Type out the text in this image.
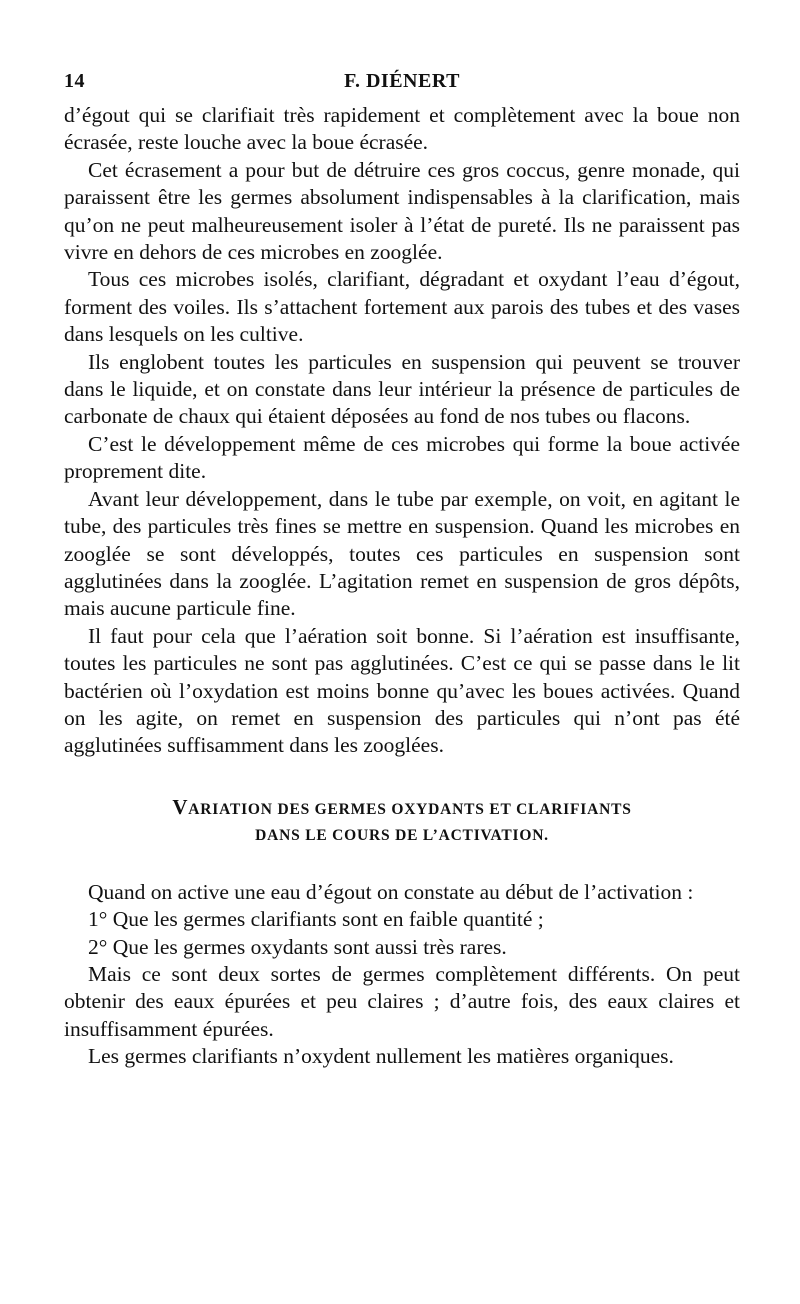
14	F. DIÉNERT

d’égout qui se clarifiait très rapidement et complètement avec la boue non écrasée, reste louche avec la boue écrasée.

Cet écrasement a pour but de détruire ces gros coccus, genre monade, qui paraissent être les germes absolument indispensables à la clarification, mais qu’on ne peut malheureusement isoler à l’état de pureté. Ils ne paraissent pas vivre en dehors de ces microbes en zooglée.

Tous ces microbes isolés, clarifiant, dégradant et oxydant l’eau d’égout, forment des voiles. Ils s’attachent fortement aux parois des tubes et des vases dans lesquels on les cultive.

Ils englobent toutes les particules en suspension qui peuvent se trouver dans le liquide, et on constate dans leur intérieur la présence de particules de carbonate de chaux qui étaient déposées au fond de nos tubes ou flacons.

C’est le développement même de ces microbes qui forme la boue activée proprement dite.

Avant leur développement, dans le tube par exemple, on voit, en agitant le tube, des particules très fines se mettre en suspension. Quand les microbes en zooglée se sont développés, toutes ces particules en suspension sont agglutinées dans la zooglée. L’agitation remet en suspension de gros dépôts, mais aucune particule fine.

Il faut pour cela que l’aération soit bonne. Si l’aération est insuffisante, toutes les particules ne sont pas agglutinées. C’est ce qui se passe dans le lit bactérien où l’oxydation est moins bonne qu’avec les boues activées. Quand on les agite, on remet en suspension des particules qui n’ont pas été agglutinées suffisamment dans les zooglées.

VARIATION DES GERMES OXYDANTS ET CLARIFIANTS
DANS LE COURS DE L’ACTIVATION.

Quand on active une eau d’égout on constate au début de l’activation :

1° Que les germes clarifiants sont en faible quantité ;

2° Que les germes oxydants sont aussi très rares.

Mais ce sont deux sortes de germes complètement différents. On peut obtenir des eaux épurées et peu claires ; d’autre fois, des eaux claires et insuffisamment épurées.

Les germes clarifiants n’oxydent nullement les matières organiques.
